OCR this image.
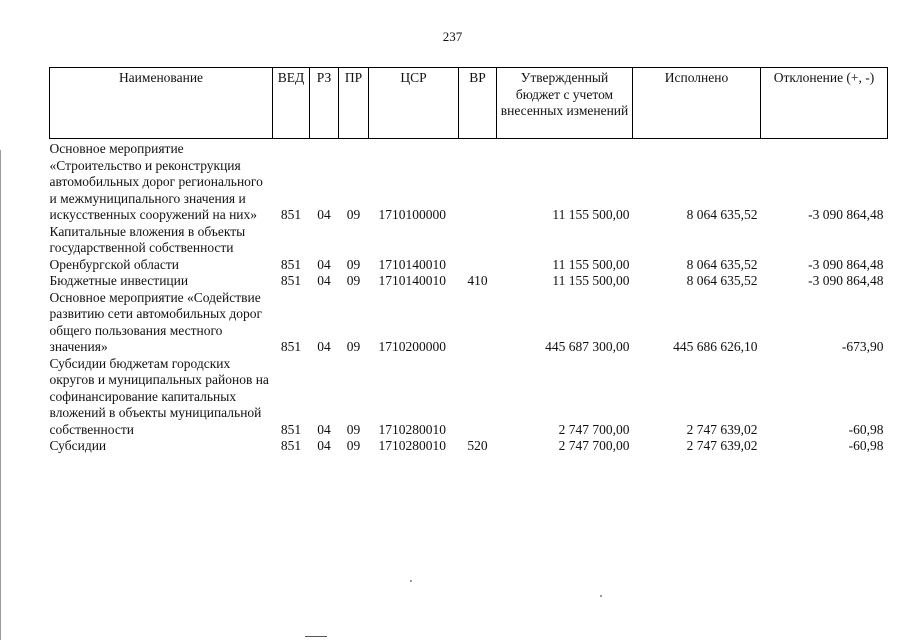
237
Наименование	ВЕД	РЗ	ПР	ЦСР	ВР	Утвержденный бюджет с учетом внесенных изменений	Исполнено	Отклонение (+, -)
Основное мероприятие «Строительство и реконструкция автомобильных дорог регионального и межмуниципального значения и искусственных сооружений на них»	851	04	09	1710100000		11 155 500,00	8 064 635,52	-3 090 864,48
Капитальные вложения в объекты государственной собственности Оренбургской области	851	04	09	1710140010		11 155 500,00	8 064 635,52	-3 090 864,48
Бюджетные инвестиции	851	04	09	1710140010	410	11 155 500,00	8 064 635,52	-3 090 864,48
Основное мероприятие «Содействие развитию сети автомобильных дорог общего пользования местного значения»	851	04	09	1710200000		445 687 300,00	445 686 626,10	-673,90
Субсидии бюджетам городских округов и муниципальных районов на софинансирование капитальных вложений в объекты муниципальной собственности	851	04	09	1710280010		2 747 700,00	2 747 639,02	-60,98
Субсидии	851	04	09	1710280010	520	2 747 700,00	2 747 639,02	-60,98
